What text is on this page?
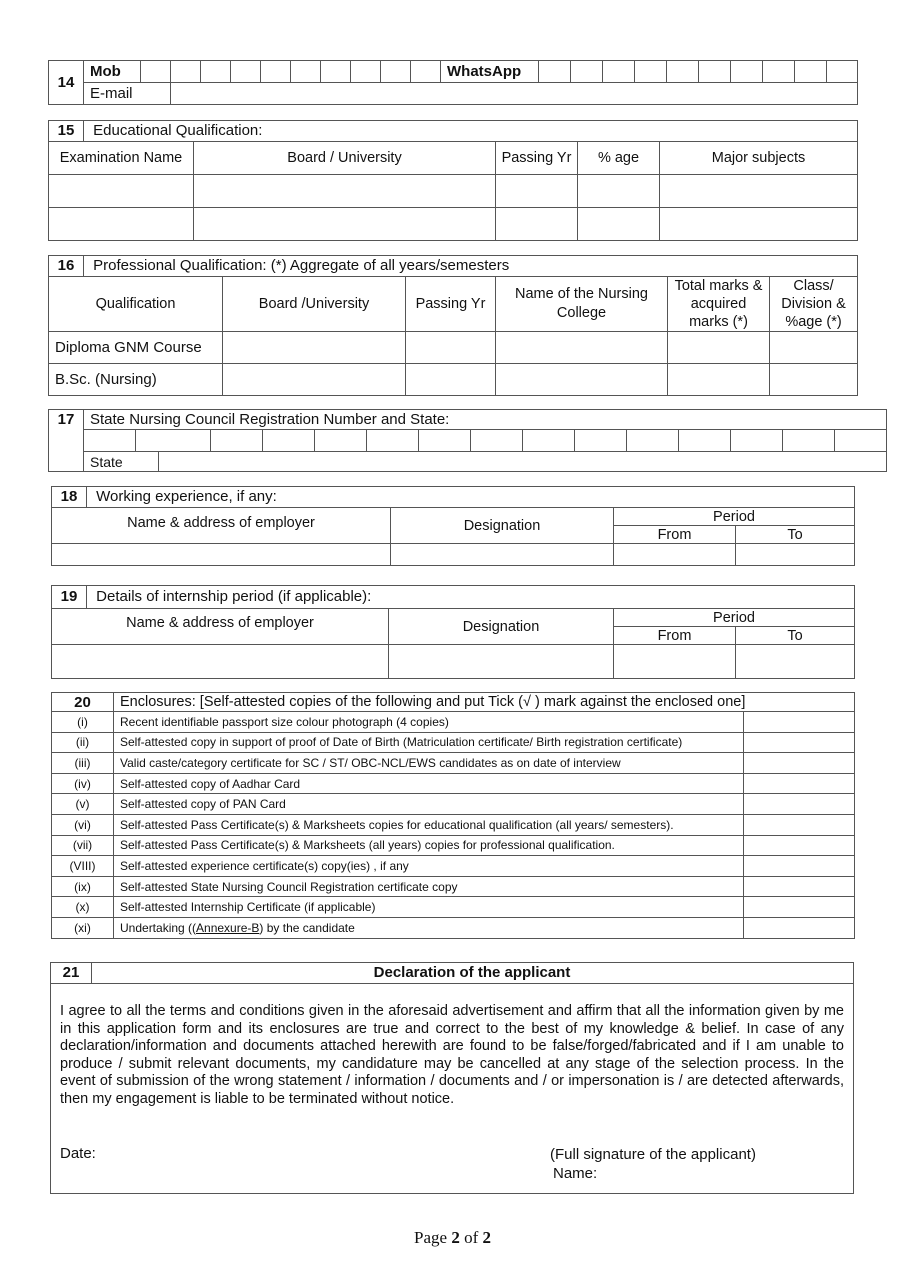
14	Mob											WhatsApp										
	E-mail																					
15 Educational Qualification:				
Examination Name	Board / University	Passing Yr	% age	Major subjects

16 Professional Qualification: (*) Aggregate of all years/semesters					
Qualification	Board /University	Passing Yr	Name of the Nursing College	Total marks & acquired marks (*)	Class/ Division & %age (*)
Diploma GNM Course					
B.Sc. (Nursing)					
17	State Nursing Council Registration Number and State:															

	State															
18 Working experience, if any:			
Name & address of employer	Designation	Period	
		From	To

19 Details of internship period (if applicable):			
Name & address of employer	Designation	Period	
		From	To

20	Enclosures: [Self-attested copies of the following and put Tick (√ ) mark against the enclosed one]	
(i)	Recent identifiable passport size colour photograph (4 copies)	
(ii)	Self-attested copy in support of proof of Date of Birth (Matriculation certificate/ Birth registration certificate)	
(iii)	Valid caste/category certificate for SC / ST/ OBC-NCL/EWS candidates as on date of interview	
(iv)	Self-attested copy of Aadhar Card	
(v)	Self-attested copy of PAN Card	
(vi)	Self-attested Pass Certificate(s) & Marksheets copies for educational qualification (all years/ semesters).	
(vii)	Self-attested Pass Certificate(s) & Marksheets (all years) copies for professional qualification.	
(VIII)	Self-attested experience certificate(s) copy(ies) , if any	
(ix)	Self-attested State Nursing Council Registration certificate copy	
(x)	Self-attested Internship Certificate (if applicable)	
(xi)	Undertaking ((Annexure-B) by the candidate	
21	Declaration of the applicant
I agree to all the terms and conditions given in the aforesaid advertisement and affirm that all the information given by me in this application form and its enclosures are true and correct to the best of my knowledge & belief. In case of any declaration/information and documents attached herewith are found to be false/forged/fabricated and if I am unable to produce / submit relevant documents, my candidature may be cancelled at any stage of the selection process. In the event of submission of the wrong statement / information / documents and / or impersonation is / are detected afterwards, then my engagement is liable to be terminated without notice.
Date:	(Full signature of the applicant)
Name:
Page 2 of 2
